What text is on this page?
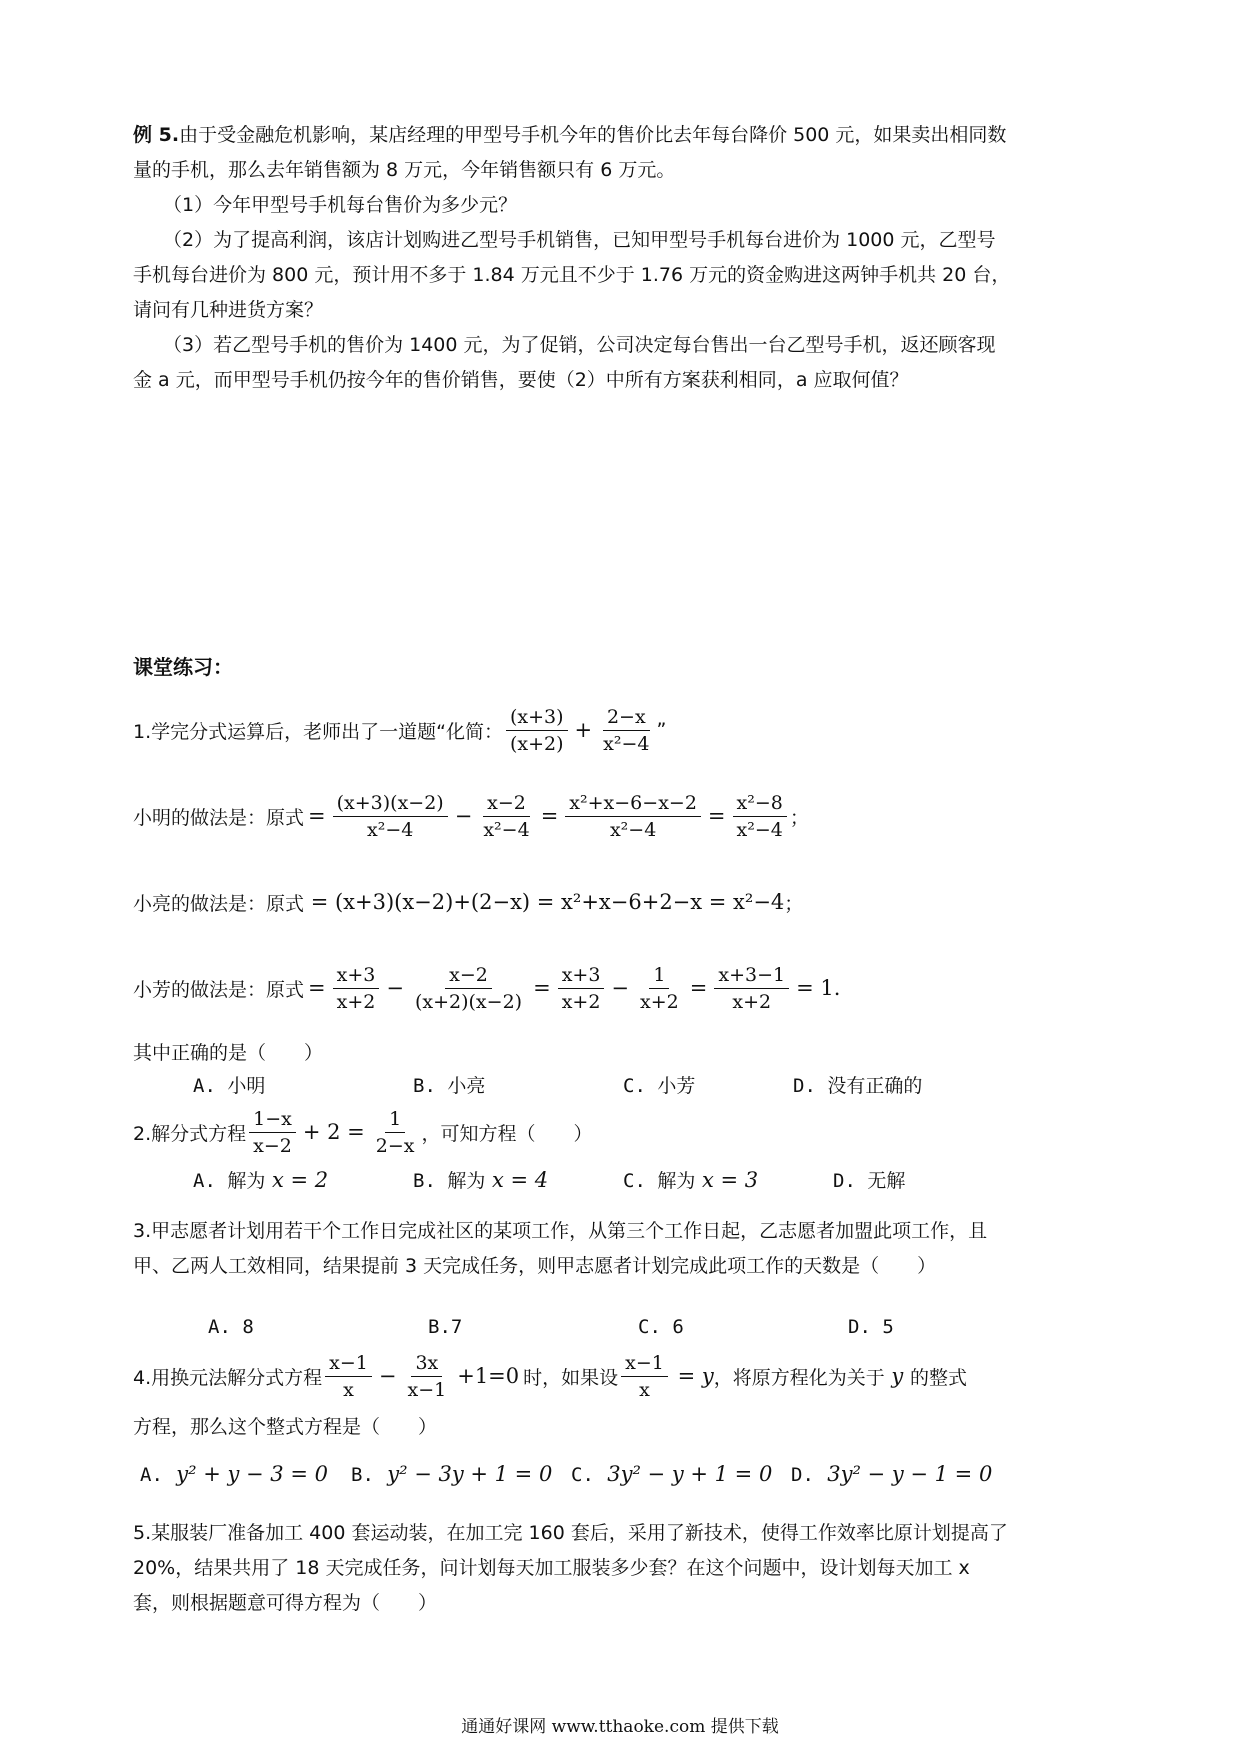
例 5.由于受金融危机影响，某店经理的甲型号手机今年的售价比去年每台降价 500 元，如果卖出相同数量的手机，那么去年销售额为 8 万元，今年销售额只有 6 万元。
（1）今年甲型号手机每台售价为多少元？
（2）为了提高利润，该店计划购进乙型号手机销售，已知甲型号手机每台进价为 1000 元，乙型号手机每台进价为 800 元，预计用不多于 1.84 万元且不少于 1.76 万元的资金购进这两钟手机共 20 台，请问有几种进货方案？
（3）若乙型号手机的售价为 1400 元，为了促销，公司决定每台售出一台乙型号手机，返还顾客现金 a 元，而甲型号手机仍按今年的售价销售，要使（2）中所有方案获利相同，a 应取何值？
课堂练习：
1.学完分式运算后，老师出了一道题“化简： $\frac{(x+3)}{(x+2)} + \frac{2-x}{\text{x²−4}}$ ”
小明的做法是：原式 = $\frac{(x+3)(x-2)}{\text{x²−4}} - \frac{x-2}{\text{x²−4}} = \frac{\text{x²+x−6−x−2}}{\text{x²−4}} = \frac{\text{x²−8}}{\text{x²−4}}$ ；
小亮的做法是：原式 = (x+3)(x−2)+(2−x) = x²+x−6+2−x = x²−4 ；
小芳的做法是：原式 = $\frac{x+3}{x+2} - \frac{x-2}{(x+2)(x-2)} = \frac{x+3}{x+2} - \frac{1}{x+2} = \frac{x+3-1}{x+2} = 1$.
其中正确的是（　　）
A. 小明	B. 小亮	C. 小芳	D. 没有正确的
2.解分式方程 $\frac{1-x}{x-2} + 2 = \frac{1}{2-x}$ ，可知方程（　　）
A. 解为 x = 2	B. 解为 x = 4	C. 解为 x = 3	D. 无解
3.甲志愿者计划用若干个工作日完成社区的某项工作，从第三个工作日起，乙志愿者加盟此项工作，且甲、乙两人工效相同，结果提前 3 天完成任务，则甲志愿者计划完成此项工作的天数是（　　）
A. 8	B.7	C. 6	D. 5
4.用换元法解分式方程 $\frac{x-1}{x} - \frac{3x}{x-1} +1=0$ 时，如果设 $\frac{x-1}{x} = y$ ，将原方程化为关于 y 的整式
方程，那么这个整式方程是（　　）
A.  y² + y − 3 = 0 B.  y² − 3y + 1 = 0 C.  3y² − y + 1 = 0 D.  3y² − y − 1 = 0
5.某服装厂准备加工 400 套运动装，在加工完 160 套后，采用了新技术，使得工作效率比原计划提高了 20%，结果共用了 18 天完成任务，问计划每天加工服装多少套？在这个问题中，设计划每天加工 x 套，则根据题意可得方程为（　　）
通通好课网 www.tthaoke.com 提供下载
